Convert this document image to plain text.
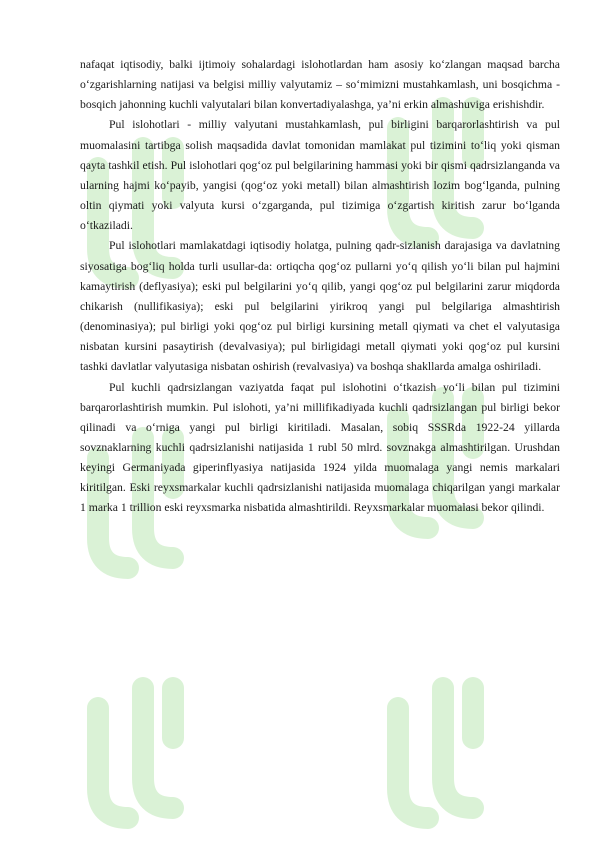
nafaqat iqtisodiy, balki ijtimoiy sohalardagi islohotlardan ham asosiy ko‘zlangan maqsad barcha o‘zgarishlarning natijasi va belgisi milliy valyutamiz – so‘mimizni mustahkamlash, uni bosqichma - bosqich jahonning kuchli valyutalari bilan konvertadiyalashga, ya’ni erkin almashuviga erishishdir.

Pul islohotlari - milliy valyutani mustahkamlash, pul birligini barqarorlashtirish va pul muomalasini tartibga solish maqsadida davlat tomonidan mamlakat pul tizimini to‘liq yoki qisman qayta tashkil etish. Pul islohotlari qog‘oz pul belgilarining hammasi yoki bir qismi qadrsizlanganda va ularning hajmi ko‘payib, yangisi (qog‘oz yoki metall) bilan almashtirish lozim bog‘lganda, pulning oltin qiymati yoki valyuta kursi o‘zgarganda, pul tizimiga o‘zgartish kiritish zarur bo‘lganda o‘tkaziladi.

Pul islohotlari mamlakatdagi iqtisodiy holatga, pulning qadr-sizlanish darajasiga va davlatning siyosatiga bog‘liq holda turli usullar-da: ortiqcha qog‘oz pullarni yo‘q qilish yo‘li bilan pul hajmini kamaytirish (deflyasiya); eski pul belgilarini yo‘q qilib, yangi qog‘oz pul belgilarini zarur miqdorda chikarish (nullifikasiya); eski pul belgilarini yirikroq yangi pul belgilariga almashtirish (denominasiya); pul birligi yoki qog‘oz pul birligi kursining metall qiymati va chet el valyutasiga nisbatan kursini pasaytirish (devalvasiya); pul birligidagi metall qiymati yoki qog‘oz pul kursini tashki davlatlar valyutasiga nisbatan oshirish (revalvasiya) va boshqa shakllarda amalga oshiriladi.

Pul kuchli qadrsizlangan vaziyatda faqat pul islohotini o‘tkazish yo‘li bilan pul tizimini barqarorlashtirish mumkin. Pul islohoti, ya’ni millifikadiyada kuchli qadrsizlangan pul birligi bekor qilinadi va o‘rniga yangi pul birligi kiritiladi. Masalan, sobiq SSSRda 1922-24 yillarda sovznaklarning kuchli qadrsizlanishi natijasida 1 rubl 50 mlrd. sovznakga almashtirilgan. Urushdan keyingi Germaniyada giperinflyasiya natijasida 1924 yilda muomalaga yangi nemis markalari kiritilgan. Eski reyxsmarkalar kuchli qadrsizlanishi natijasida muomalaga chiqarilgan yangi markalar 1 marka 1 trillion eski reyxsmarka nisbatida almashtirildi. Reyxsmarkalar muomalasi bekor qilindi.
